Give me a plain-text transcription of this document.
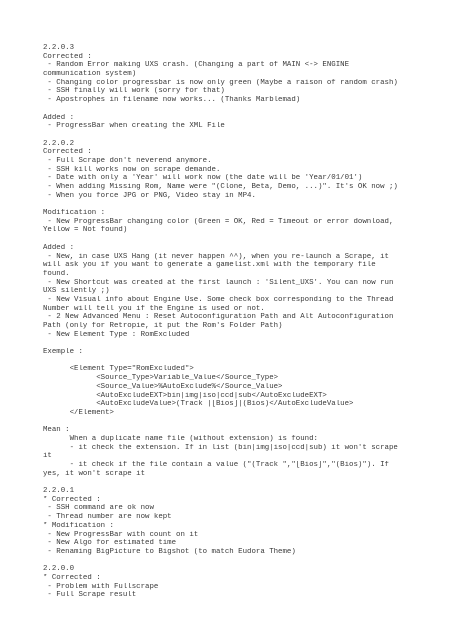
2.2.0.3
Corrected :
- Random Error making UXS crash. (Changing a part of MAIN <-> ENGINE
communication system)
- Changing color progressbar is now only green (Maybe a raison of random crash)
- SSH finally will work (sorry for that)
- Apostrophes in filename now works... (Thanks Marblemad)
Added :
- ProgressBar when creating the XML File
2.2.0.2
Corrected :
- Full Scrape don't neverend anymore.
- SSH kill works now on scrape demande.
- Date with only a 'Year' will work now (the date will be 'Year/01/01')
- When adding Missing Rom, Name were "(Clone, Beta, Demo, ...)". It's OK now ;)
- When you force JPG or PNG, Video stay in MP4.
Modification :
- New ProgressBar changing color (Green = OK, Red = Timeout or error download,
Yellow = Not found)
Added :
- New, in case UXS Hang (it never happen ^^), when you re-launch a Scrape, it
will ask you if you want to generate a gamelist.xml with the temporary file
found.
- New Shortcut was created at the first launch : 'Silent_UXS'. You can now run
UXS silently ;)
- New Visual info about Engine Use. Some check box corresponding to the Thread
Number will tell you if the Engine is used or not.
- 2 New Advanced Menu : Reset Autoconfiguration Path and Alt Autoconfiguration
Path (only for Retropie, it put the Rom's Folder Path)
- New Element Type : RomExcluded
Exemple :
<Element Type="RomExcluded">
<Source_Type>Variable_Value</Source_Type>
<Source_Value>%AutoExclude%</Source_Value>
<AutoExcludeEXT>bin|img|iso|ccd|sub</AutoExcludeEXT>
<AutoExcludeValue>(Track |[Bios]|(Bios)</AutoExcludeValue>
</Element>
Mean :
When a duplicate name file (without extension) is found:
- it check the extension. If in list (bin|img|iso|ccd|sub) it won't scrape
it
- it check if the file contain a value ("(Track ","[Bios]","(Bios)"). If
yes, it won't scrape it
2.2.0.1
* Corrected :
- SSH command are ok now
- Thread number are now kept
* Modification :
- New ProgressBar with count on it
- New Algo for estimated time
- Renaming BigPicture to Bigshot (to match Eudora Theme)
2.2.0.0
* Corrected :
- Problem with Fullscrape
- Full Scrape result
